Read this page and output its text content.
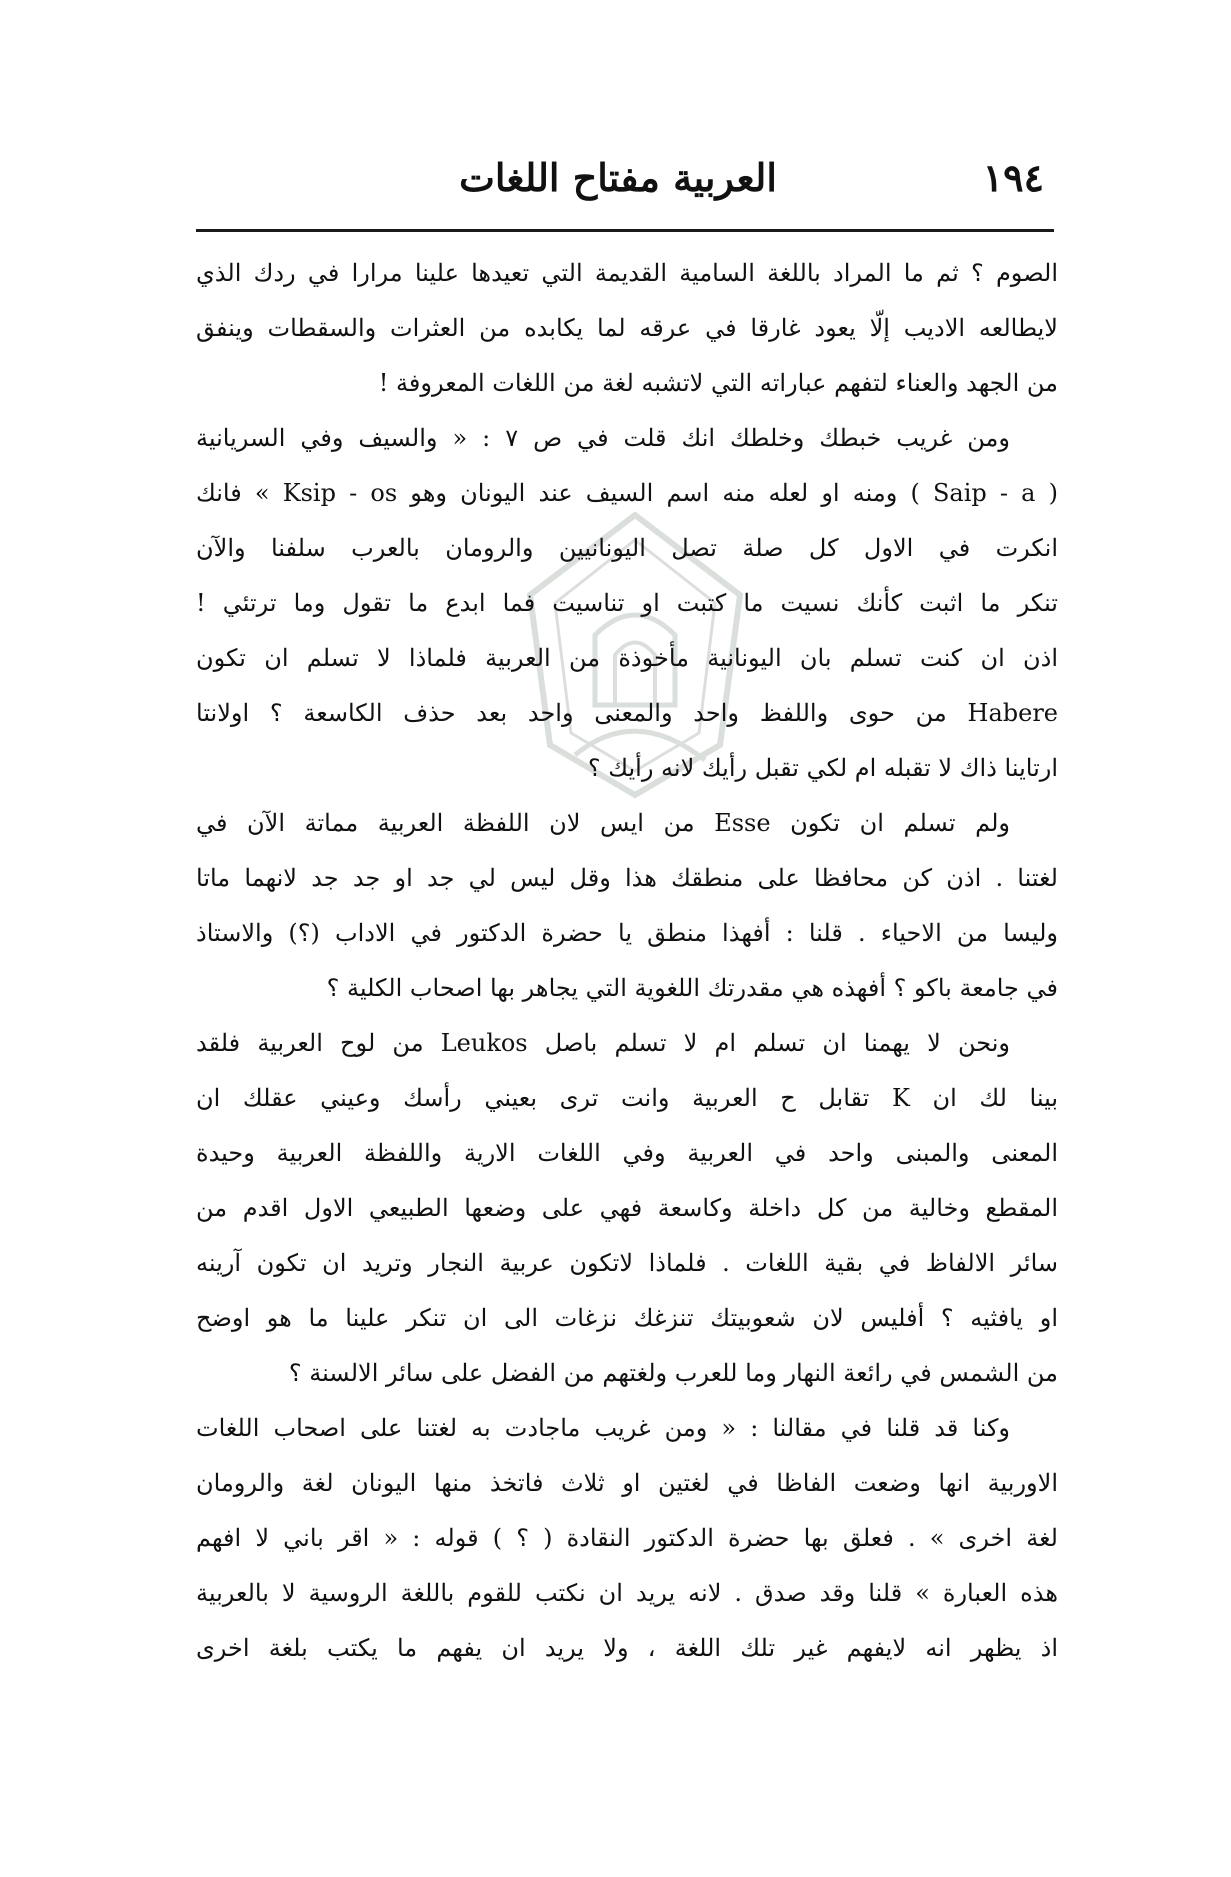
١٩٤
العربية مفتاح اللغات
الصوم ؟ ثم ما المراد باللغة السامية القديمة التي تعيدها علينا مرارا في ردك الذي
لايطالعه الاديب إلّا يعود غارقا في عرقه لما يكابده من العثرات والسقطات وينفق
من الجهد والعناء لتفهم عباراته التي لاتشبه لغة من اللغات المعروفة !
ومن غريب خبطك وخلطك انك قلت في ص ٧ : « والسيف وفي السريانية
( Saip - a ) ومنه او لعله منه اسم السيف عند اليونان وهو Ksip - os » فانك
انكرت في الاول كل صلة تصل اليونانيين والرومان بالعرب سلفنا والآن
تنكر ما اثبت كأنك نسيت ما كتبت او تناسيت فما ابدع ما تقول وما ترتئي !
اذن ان كنت تسلم بان اليونانية مأخوذة من العربية فلماذا لا تسلم ان تكون
Habere من حوى واللفظ واحد والمعنى واحد بعد حذف الكاسعة ؟ اولانتا
ارتاينا ذاك لا تقبله ام لكي تقبل رأيك لانه رأيك ؟
ولم تسلم ان تكون Esse من ايس لان اللفظة العربية مماتة الآن في
لغتنا . اذن كن محافظا على منطقك هذا وقل ليس لي جد او جد جد لانهما ماتا
وليسا من الاحياء . قلنا : أفهذا منطق يا حضرة الدكتور في الاداب (؟) والاستاذ
في جامعة باكو ؟ أفهذه هي مقدرتك اللغوية التي يجاهر بها اصحاب الكلية ؟
ونحن لا يهمنا ان تسلم ام لا تسلم باصل Leukos من لوح العربية فلقد
بينا لك ان K تقابل ح العربية وانت ترى بعيني رأسك وعيني عقلك ان
المعنى والمبنى واحد في العربية وفي اللغات الارية واللفظة العربية وحيدة
المقطع وخالية من كل داخلة وكاسعة فهي على وضعها الطبيعي الاول اقدم من
سائر الالفاظ في بقية اللغات . فلماذا لاتكون عربية النجار وتريد ان تكون آرينه
او يافثيه ؟ أفليس لان شعوبيتك تنزغك نزغات الى ان تنكر علينا ما هو اوضح
من الشمس في رائعة النهار وما للعرب ولغتهم من الفضل على سائر الالسنة ؟
وكنا قد قلنا في مقالنا : « ومن غريب ماجادت به لغتنا على اصحاب اللغات
الاوربية انها وضعت الفاظا في لغتين او ثلاث فاتخذ منها اليونان لغة والرومان
لغة اخرى » . فعلق بها حضرة الدكتور النقادة ( ؟ ) قوله : « اقر باني لا افهم
هذه العبارة » قلنا وقد صدق . لانه يريد ان نكتب للقوم باللغة الروسية لا بالعربية
اذ يظهر انه لايفهم غير تلك اللغة ، ولا يريد ان يفهم ما يكتب بلغة اخرى
